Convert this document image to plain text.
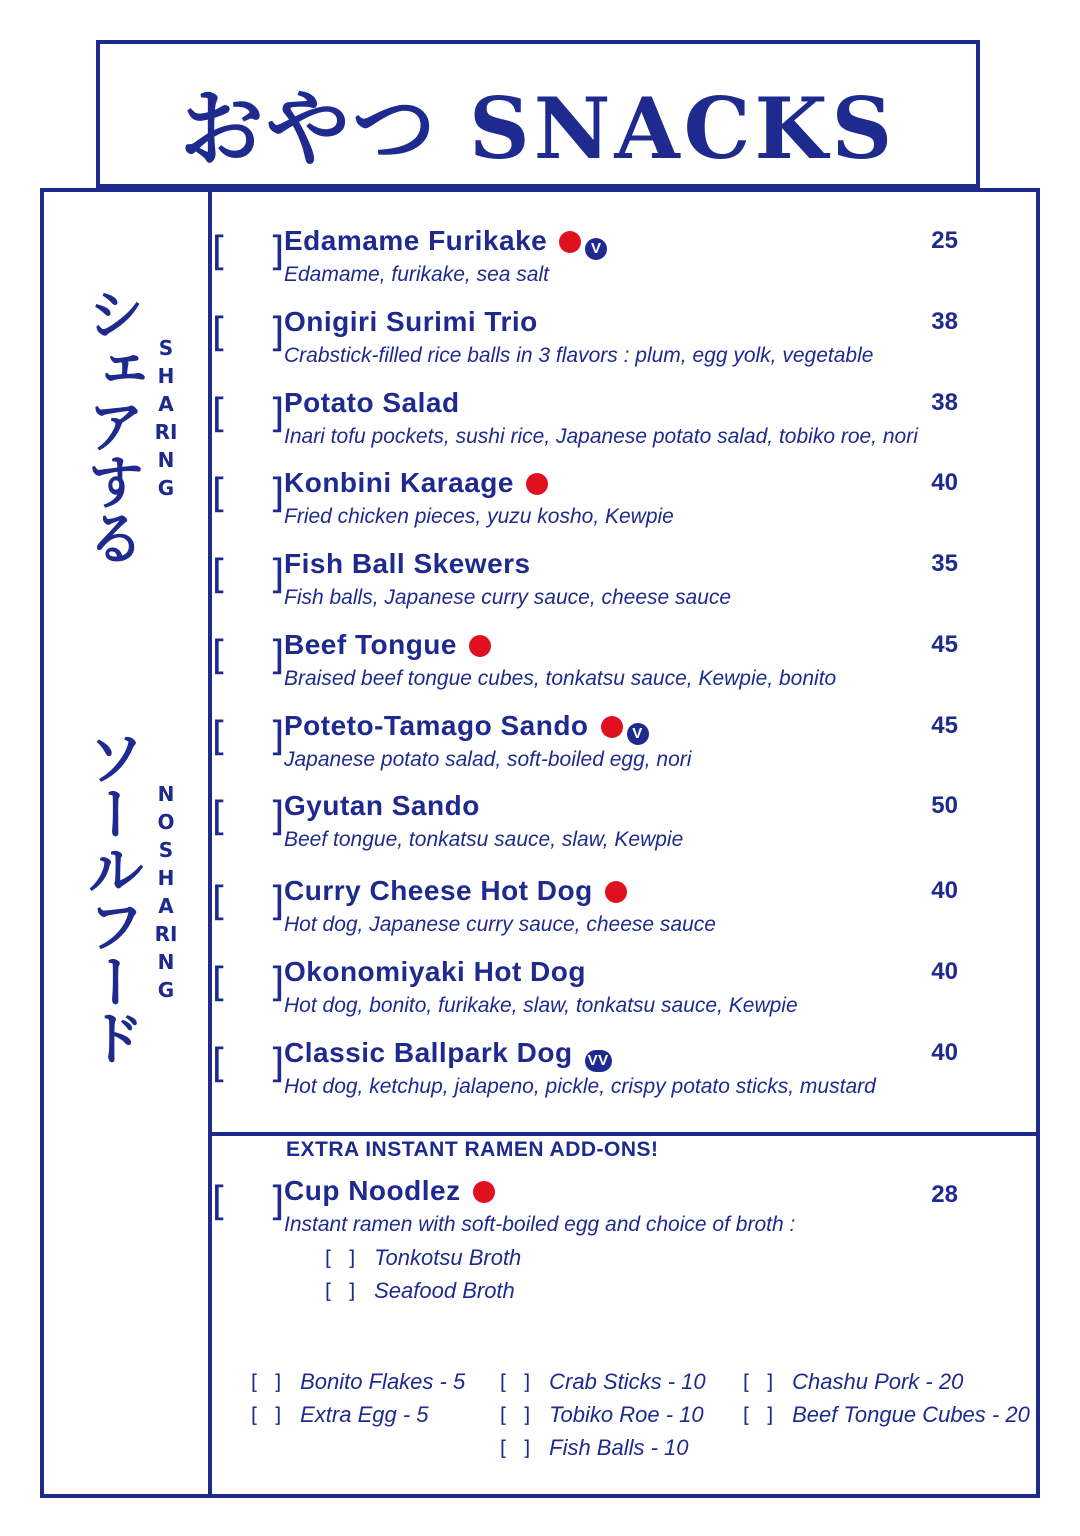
おやつ SNACKS
シェアする SHARING
ソールフード NO SHARING
[ ]
Edamame Furikake	V
Edamame, furikake, sea salt
25
[ ]
Onigiri Surimi Trio
Crabstick-filled rice balls in 3 flavors : plum, egg yolk, vegetable
38
[ ]
Potato Salad
Inari tofu pockets, sushi rice, Japanese potato salad, tobiko roe, nori
38
[ ]
Konbini Karaage
Fried chicken pieces, yuzu kosho, Kewpie
40
[ ]
Fish Ball Skewers
Fish balls, Japanese curry sauce, cheese sauce
35
[ ]
Beef Tongue
Braised beef tongue cubes, tonkatsu sauce, Kewpie, bonito
45
[ ]
Poteto-Tamago Sando	V
Japanese potato salad, soft-boiled egg, nori
45
[ ]
Gyutan Sando
Beef tongue, tonkatsu sauce, slaw, Kewpie
50
[ ]
Curry Cheese Hot Dog
Hot dog, Japanese curry sauce, cheese sauce
40
[ ]
Okonomiyaki Hot Dog
Hot dog, bonito, furikake, slaw, tonkatsu sauce, Kewpie
40
[ ]
Classic Ballpark Dog VV
Hot dog, ketchup, jalapeno, pickle, crispy potato sticks, mustard
40
[ ]
Cup Noodlez
Instant ramen with soft-boiled egg and choice of broth :
28
[ ] Tonkotsu Broth
[ ] Seafood Broth
EXTRA INSTANT RAMEN ADD-ONS!
[ ] Bonito Flakes - 5
[ ] Extra Egg - 5
[ ] Crab Sticks - 10
[ ] Tobiko Roe - 10
[ ] Fish Balls - 10
[ ] Chashu Pork - 20
[ ] Beef Tongue Cubes - 20
